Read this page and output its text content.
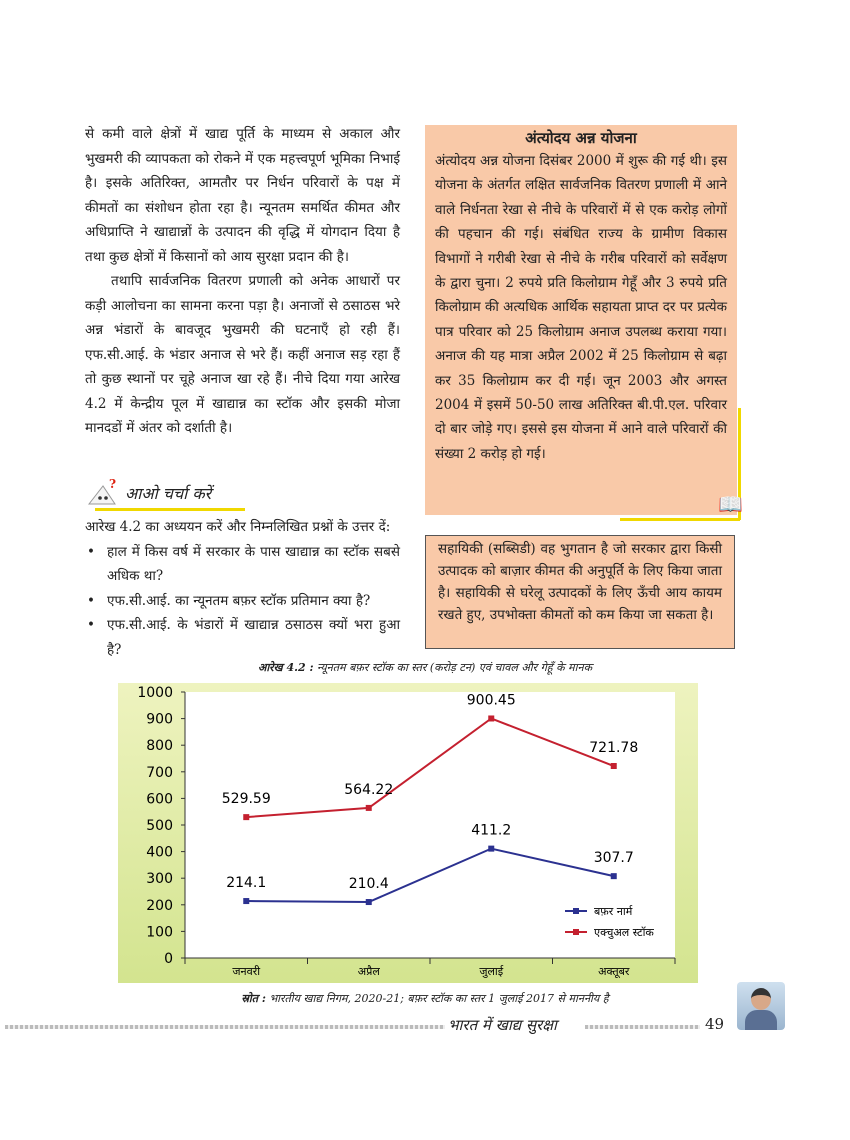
से कमी वाले क्षेत्रों में खाद्य पूर्ति के माध्यम से अकाल और भुखमरी की व्यापकता को रोकने में एक महत्त्वपूर्ण भूमिका निभाई है। इसके अतिरिक्त, आमतौर पर निर्धन परिवारों के पक्ष में कीमतों का संशोधन होता रहा है। न्यूनतम समर्थित कीमत और अधिप्राप्ति ने खाद्यान्नों के उत्पादन की वृद्धि में योगदान दिया है तथा कुछ क्षेत्रों में किसानों को आय सुरक्षा प्रदान की है।

तथापि सार्वजनिक वितरण प्रणाली को अनेक आधारों पर कड़ी आलोचना का सामना करना पड़ा है। अनाजों से ठसाठस भरे अन्न भंडारों के बावजूद भुखमरी की घटनाएँ हो रही हैं। एफ.सी.आई. के भंडार अनाज से भरे हैं। कहीं अनाज सड़ रहा हैं तो कुछ स्थानों पर चूहे अनाज खा रहे हैं। नीचे दिया गया आरेख 4.2 में केन्द्रीय पूल में खाद्यान्न का स्टॉक और इसकी मोजा मानदडों में अंतर को दर्शाती है।

अंत्योदय अन्न योजना
अंत्योदय अन्न योजना दिसंबर 2000 में शुरू की गई थी। इस योजना के अंतर्गत लक्षित सार्वजनिक वितरण प्रणाली में आने वाले निर्धनता रेखा से नीचे के परिवारों में से एक करोड़ लोगों की पहचान की गई। संबंधित राज्य के ग्रामीण विकास विभागों ने गरीबी रेखा से नीचे के गरीब परिवारों को सर्वेक्षण के द्वारा चुना। 2 रुपये प्रति किलोग्राम गेहूँ और 3 रुपये प्रति किलोग्राम की अत्यधिक आर्थिक सहायता प्राप्त दर पर प्रत्येक पात्र परिवार को 25 किलोग्राम अनाज उपलब्ध कराया गया। अनाज की यह मात्रा अप्रैल 2002 में 25 किलोग्राम से बढ़ा कर 35 किलोग्राम कर दी गई। जून 2003 और अगस्त 2004 में इसमें 50-50 लाख अतिरिक्त बी.पी.एल. परिवार दो बार जोड़े गए। इससे इस योजना में आने वाले परिवारों की संख्या 2 करोड़ हो गई।
📖
? आओ चर्चा करें
आरेख 4.2 का अध्ययन करें और निम्नलिखित प्रश्नों के उत्तर दें:
• हाल में किस वर्ष में सरकार के पास खाद्यान्न का स्टॉक सबसे अधिक था?
• एफ.सी.आई. का न्यूनतम बफ़र स्टॉक प्रतिमान क्या है?
• एफ.सी.आई. के भंडारों में खाद्यान्न ठसाठस क्यों भरा हुआ है?
सहायिकी (सब्सिडी) वह भुगतान है जो सरकार द्वारा किसी उत्पादक को बाज़ार कीमत की अनुपूर्ति के लिए किया जाता है। सहायिकी से घरेलू उत्पादकों के लिए ऊँची आय कायम रखते हुए, उपभोक्ता कीमतों को कम किया जा सकता है।
आरेख 4.2 : न्यूनतम बफ़र स्टॉक का स्तर (करोड़ टन) एवं चावल और गेहूँ के मानक
0
100
200
300
400
500
600
700
800
900
1000
जनवरी	अप्रैल	जुलाई	अक्तूबर
214.1	210.4
411.2
307.7
बफ़र नार्म
529.59
564.22
900.45
721.78
एक्चुअल स्टॉक
स्रोत : भारतीय खाद्य निगम, 2020-21; बफ़र स्टॉक का स्तर 1 जुलाई 2017 से माननीय है
भारत में खाद्य सुरक्षा	49
